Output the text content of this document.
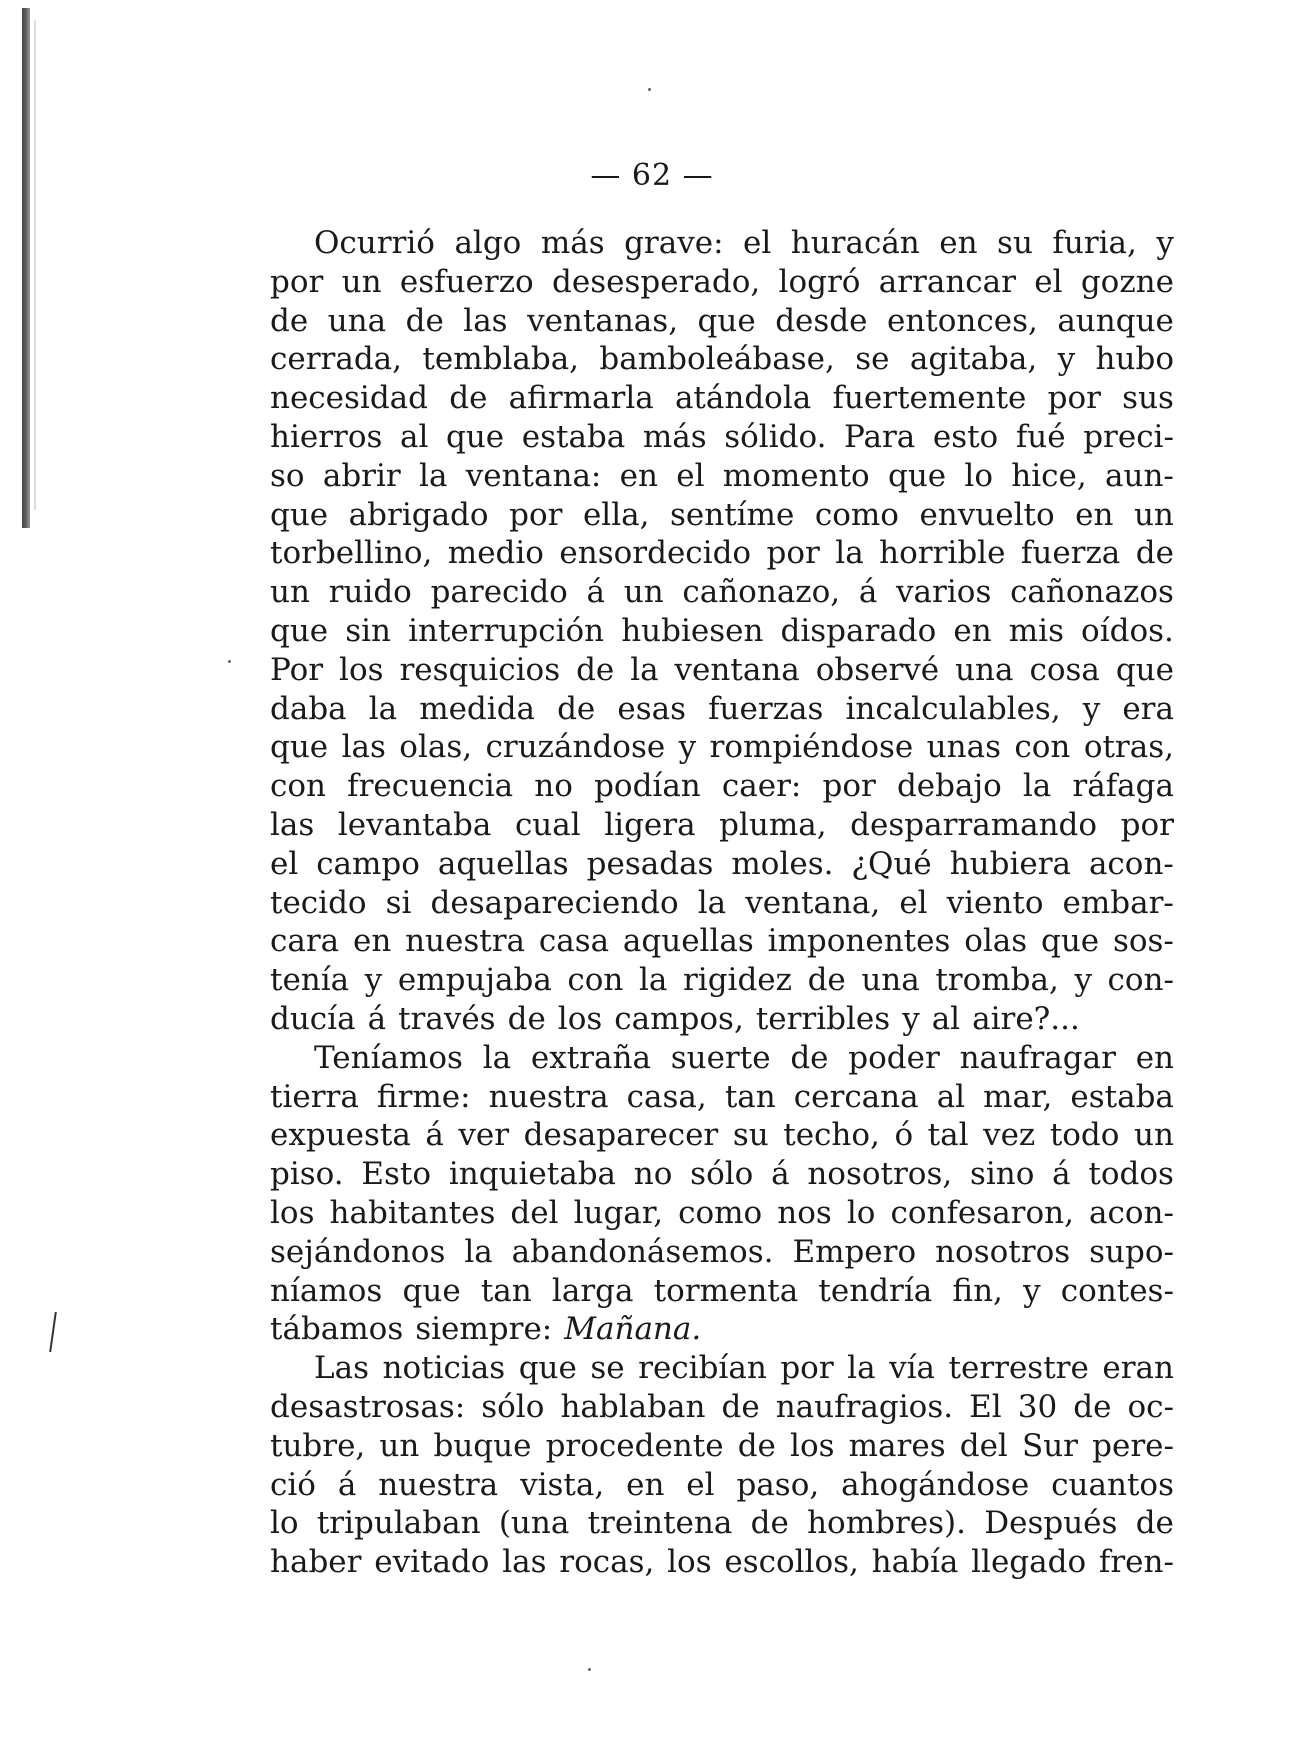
— 62 —
Ocurrió algo más grave: el huracán en su furia, y
por un esfuerzo desesperado, logró arrancar el gozne
de una de las ventanas, que desde entonces, aunque
cerrada, temblaba, bamboleábase, se agitaba, y hubo
necesidad de afirmarla atándola fuertemente por sus
hierros al que estaba más sólido. Para esto fué preci-
so abrir la ventana: en el momento que lo hice, aun-
que abrigado por ella, sentíme como envuelto en un
torbellino, medio ensordecido por la horrible fuerza de
un ruido parecido á un cañonazo, á varios cañonazos
que sin interrupción hubiesen disparado en mis oídos.
Por los resquicios de la ventana observé una cosa que
daba la medida de esas fuerzas incalculables, y era
que las olas, cruzándose y rompiéndose unas con otras,
con frecuencia no podían caer: por debajo la ráfaga
las levantaba cual ligera pluma, desparramando por
el campo aquellas pesadas moles. ¿Qué hubiera acon-
tecido si desapareciendo la ventana, el viento embar-
cara en nuestra casa aquellas imponentes olas que sos-
tenía y empujaba con la rigidez de una tromba, y con-
ducía á través de los campos, terribles y al aire?...
Teníamos la extraña suerte de poder naufragar en
tierra firme: nuestra casa, tan cercana al mar, estaba
expuesta á ver desaparecer su techo, ó tal vez todo un
piso. Esto inquietaba no sólo á nosotros, sino á todos
los habitantes del lugar, como nos lo confesaron, acon-
sejándonos la abandonásemos. Empero nosotros supo-
níamos que tan larga tormenta tendría fin, y contes-
tábamos siempre: Mañana.
Las noticias que se recibían por la vía terrestre eran
desastrosas: sólo hablaban de naufragios. El 30 de oc-
tubre, un buque procedente de los mares del Sur pere-
ció á nuestra vista, en el paso, ahogándose cuantos
lo tripulaban (una treintena de hombres). Después de
haber evitado las rocas, los escollos, había llegado fren-
